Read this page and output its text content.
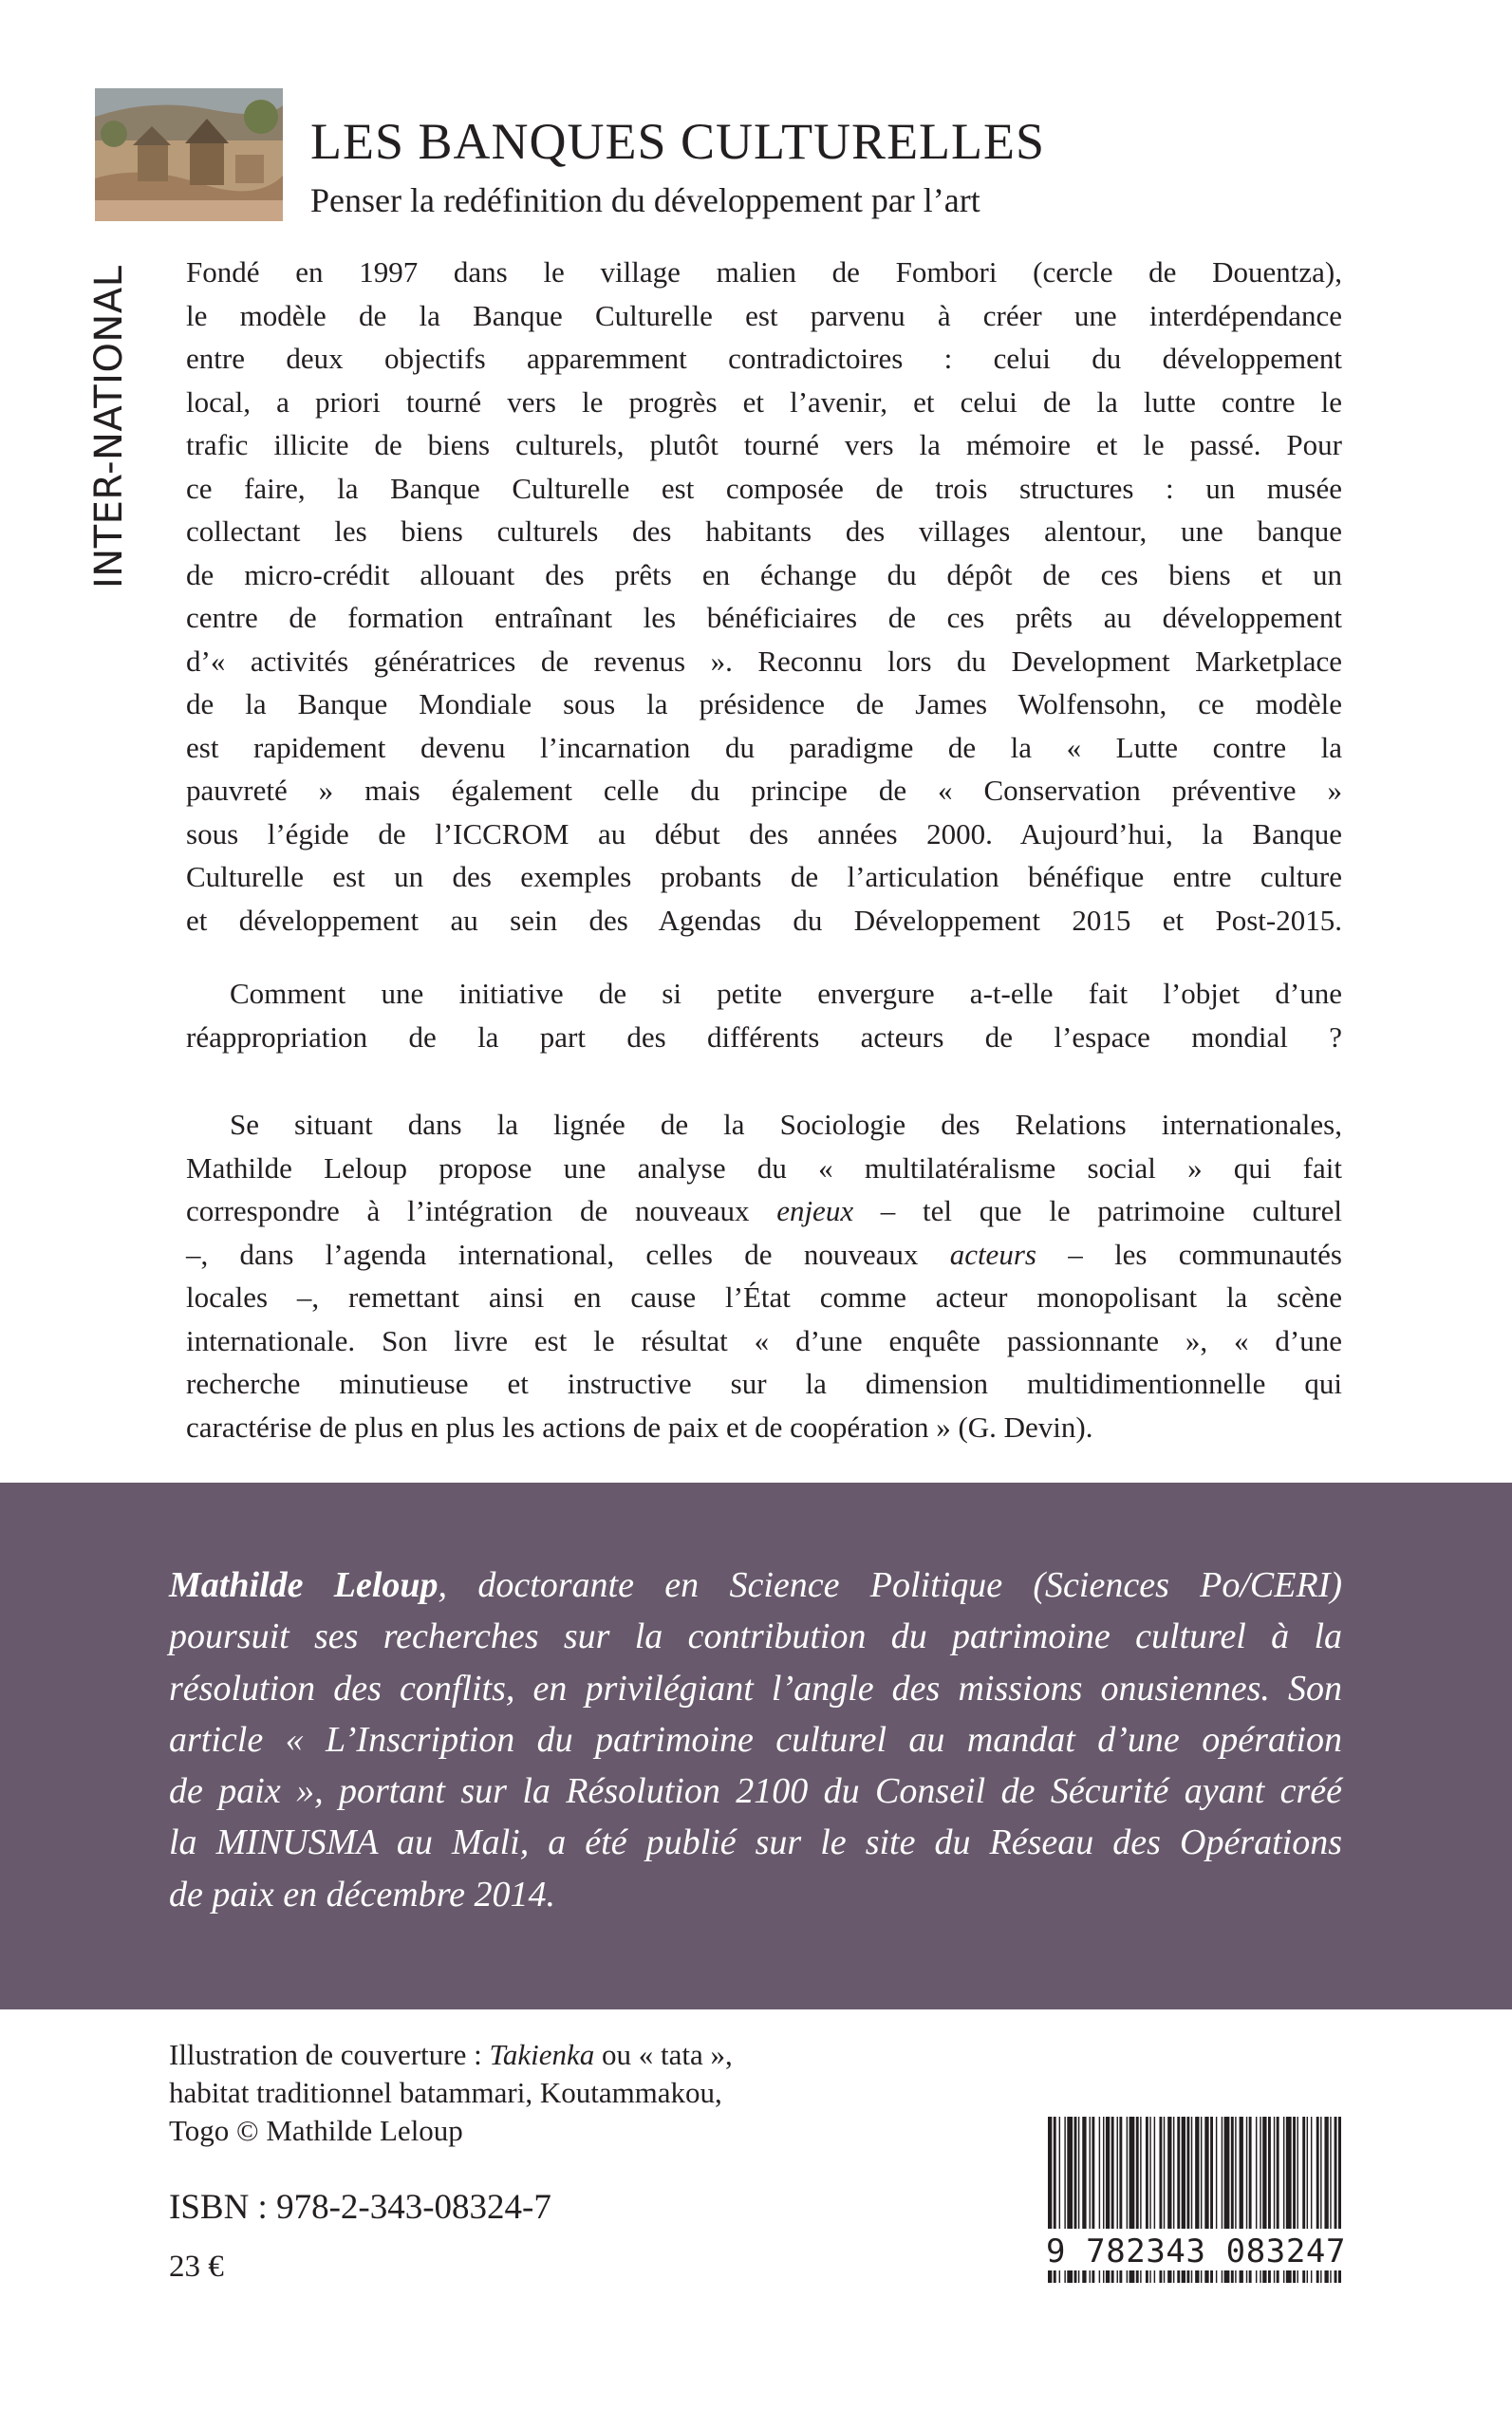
INTER-NATIONAL
LES BANQUES CULTURELLES
Penser la redéfinition du développement par l’art
Fondé en 1997 dans le village malien de Fombori (cercle de Douentza),
le modèle de la Banque Culturelle est parvenu à créer une interdépendance
entre deux objectifs apparemment contradictoires : celui du développement
local, a priori tourné vers le progrès et l’avenir, et celui de la lutte contre le
trafic illicite de biens culturels, plutôt tourné vers la mémoire et le passé. Pour
ce faire, la Banque Culturelle est composée de trois structures : un musée
collectant les biens culturels des habitants des villages alentour, une banque
de micro-crédit allouant des prêts en échange du dépôt de ces biens et un
centre de formation entraînant les bénéficiaires de ces prêts au développement
d’« activités génératrices de revenus ». Reconnu lors du Development Marketplace
de la Banque Mondiale sous la présidence de James Wolfensohn, ce modèle
est rapidement devenu l’incarnation du paradigme de la « Lutte contre la
pauvreté » mais également celle du principe de « Conservation préventive »
sous l’égide de l’ICCROM au début des années 2000. Aujourd’hui, la Banque
Culturelle est un des exemples probants de l’articulation bénéfique entre culture
et développement au sein des Agendas du Développement 2015 et Post-2015.
Comment une initiative de si petite envergure a-t-elle fait l’objet d’une
réappropriation de la part des différents acteurs de l’espace mondial ?
Se situant dans la lignée de la Sociologie des Relations internationales,
Mathilde Leloup propose une analyse du « multilatéralisme social » qui fait
correspondre à l’intégration de nouveaux enjeux – tel que le patrimoine culturel
–, dans l’agenda international, celles de nouveaux acteurs – les communautés
locales –, remettant ainsi en cause l’État comme acteur monopolisant la scène
internationale. Son livre est le résultat « d’une enquête passionnante », « d’une
recherche minutieuse et instructive sur la dimension multidimentionnelle qui
caractérise de plus en plus les actions de paix et de coopération » (G. Devin).
Mathilde Leloup, doctorante en Science Politique (Sciences Po/CERI)
poursuit ses recherches sur la contribution du patrimoine culturel à la
résolution des conflits, en privilégiant l’angle des missions onusiennes. Son
article « L’Inscription du patrimoine culturel au mandat d’une opération
de paix », portant sur la Résolution 2100 du Conseil de Sécurité ayant créé
la MINUSMA au Mali, a été publié sur le site du Réseau des Opérations
de paix en décembre 2014.
Illustration de couverture : Takienka ou « tata »,
habitat traditionnel batammari, Koutammakou,
Togo © Mathilde Leloup
ISBN : 978-2-343-08324-7
23 €	9 782343 083247
